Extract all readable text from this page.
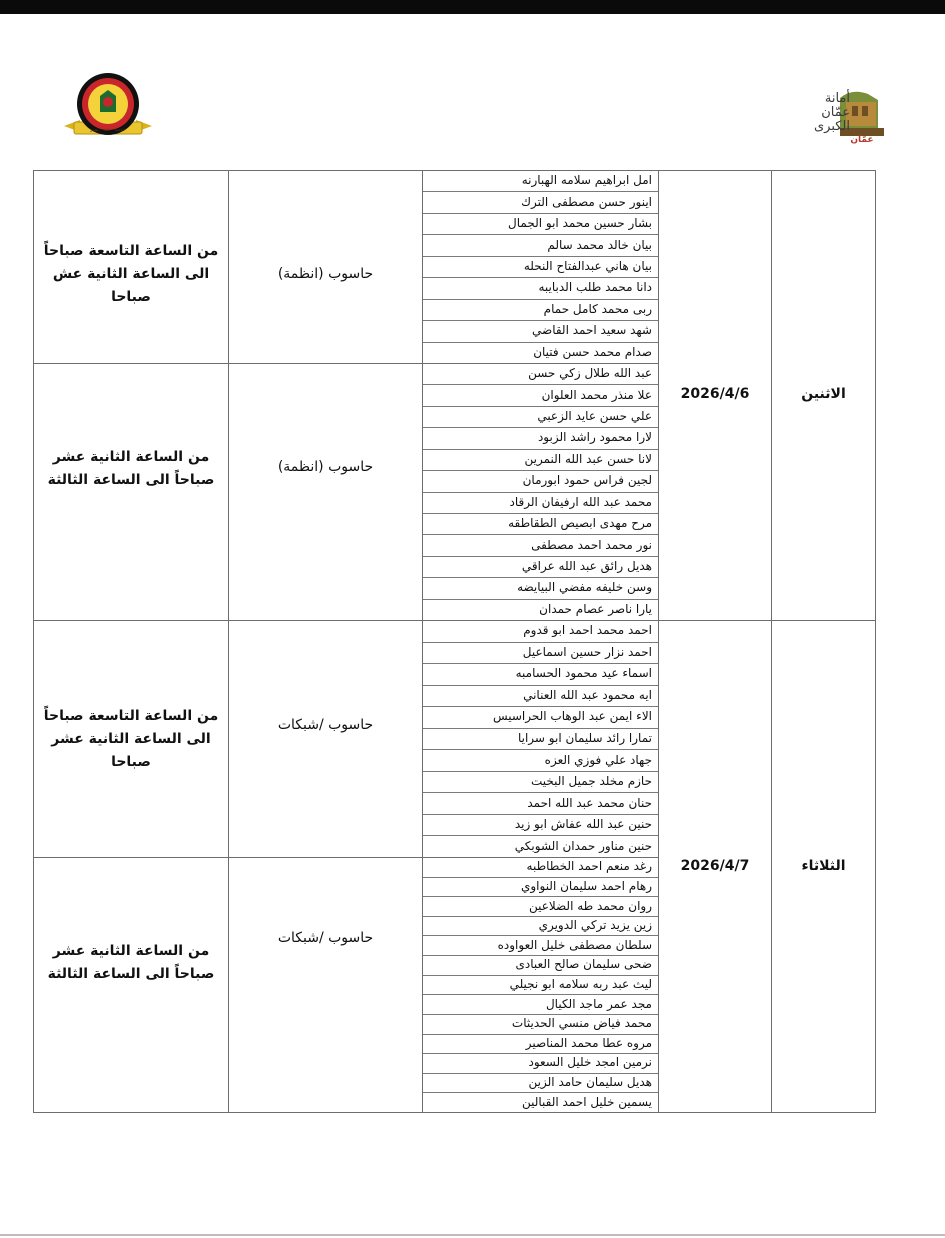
خدمة · ثقة · تميز
عمّان
أمانة
عمّان
الكبرى
الاثنين
2026/4/6
حاسوب (انظمة)
من الساعة التاسعة صباحاً
الى الساعة الثانية عش
صباحا
حاسوب (انظمة)
من الساعة الثانية عشر
صباحاً الى الساعة الثالثة
الثلاثاء
2026/4/7
حاسوب /شبكات
من الساعة التاسعة صباحاً
الى الساعة الثانية عشر
صباحا
حاسوب /شبكات
من الساعة الثانية عشر
صباحاً الى الساعة الثالثة
امل ابراهيم سلامه الهبارنه
اينور حسن مصطفى الترك
بشار حسين محمد ابو الجمال
بيان خالد محمد سالم
بيان هاني عبدالفتاح النحله
دانا محمد طلب الدبايبه
ربى محمد كامل حمام
شهد سعيد احمد القاضي
صدام محمد حسن فتيان
عبد الله طلال زكي حسن
علا منذر محمد العلوان
علي حسن عايد الزعبي
لارا محمود راشد الزبود
لانا حسن عبد الله النمرين
لجين فراس حمود ابورمان
محمد عبد الله ارفيفان الرقاد
مرح مهدى ابصيص الطقاطقه
نور محمد احمد مصطفى
هديل رائق عبد الله عراقي
وسن خليفه مفضي البيايضه
يارا ناصر عصام حمدان
احمد محمد احمد ابو قدوم
احمد نزار حسين اسماعيل
اسماء عيد محمود الحسامبه
ايه محمود عبد الله العناني
الاء ايمن عبد الوهاب الحراسيس
تمارا رائد سليمان ابو سرايا
جهاد علي فوزي العزه
حازم مخلد جميل البخيت
حنان محمد عبد الله احمد
حنين عبد الله عفاش ابو زيد
حنين مناور حمدان الشوبكي
رغد منعم احمد الخطاطبه
رهام احمد سليمان النواوي
روان محمد طه الضلاعين
زين يزيد تركي الدويري
سلطان مصطفى خليل العواوده
ضحى سليمان صالح العبادى
ليث عبد ربه سلامه ابو نجيلي
مجد عمر ماجد الكيال
محمد فياض منسي الحديثات
مروه عطا محمد المناصير
نرمين امجد خليل السعود
هديل سليمان حامد الزين
يسمين خليل احمد القبالين
